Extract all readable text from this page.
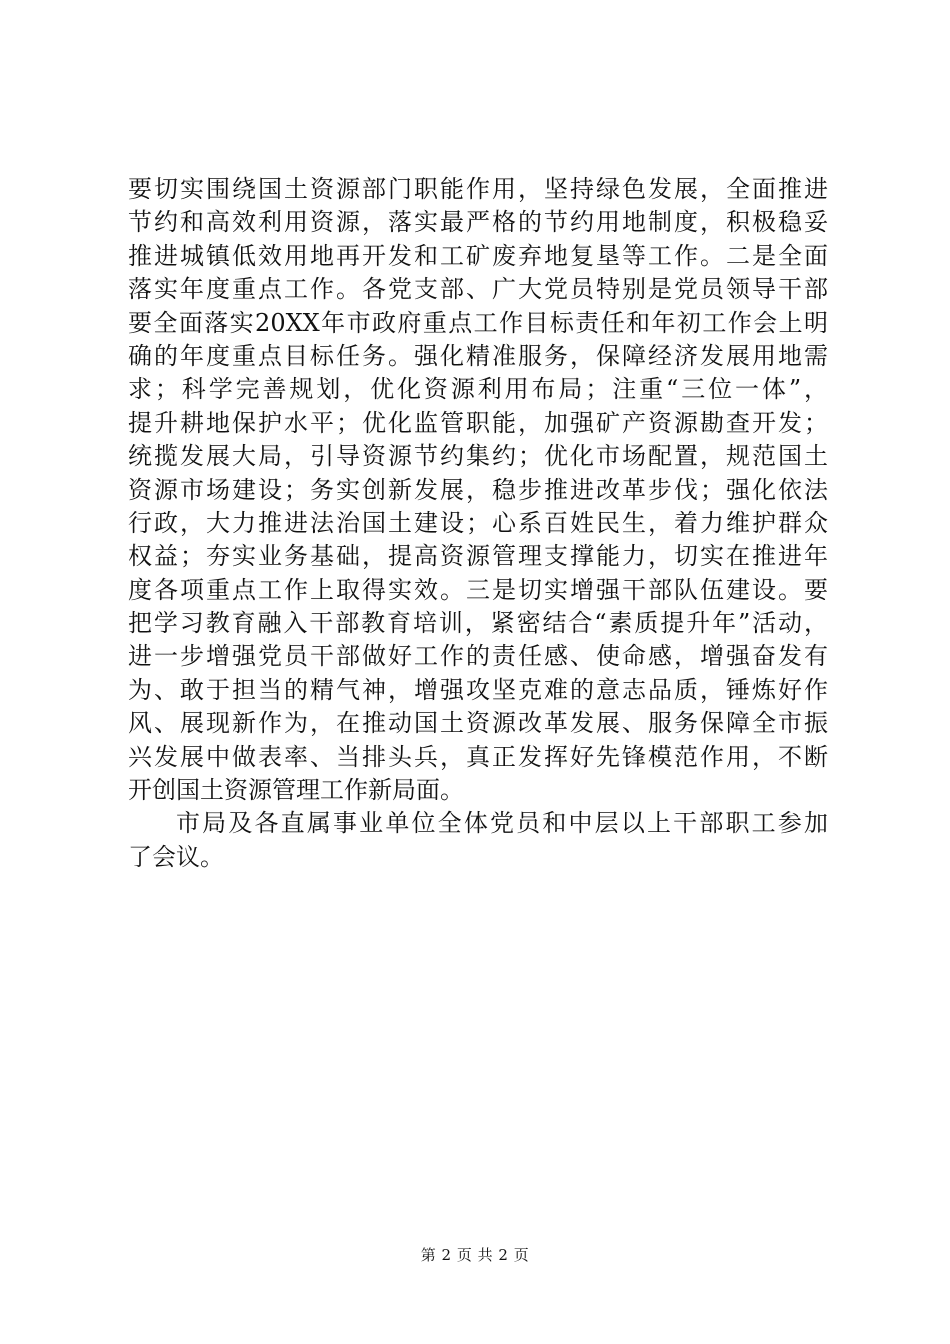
要切实围绕国土资源部门职能作用，坚持绿色发展，全面推进
节约和高效利用资源，落实最严格的节约用地制度，积极稳妥
推进城镇低效用地再开发和工矿废弃地复垦等工作。二是全面
落实年度重点工作。各党支部、广大党员特别是党员领导干部
要全面落实20XX年市政府重点工作目标责任和年初工作会上明
确的年度重点目标任务。强化精准服务，保障经济发展用地需
求；科学完善规划，优化资源利用布局；注重“三位一体”，
提升耕地保护水平；优化监管职能，加强矿产资源勘查开发；
统揽发展大局，引导资源节约集约；优化市场配置，规范国土
资源市场建设；务实创新发展，稳步推进改革步伐；强化依法
行政，大力推进法治国土建设；心系百姓民生，着力维护群众
权益；夯实业务基础，提高资源管理支撑能力，切实在推进年
度各项重点工作上取得实效。三是切实增强干部队伍建设。要
把学习教育融入干部教育培训，紧密结合“素质提升年”活动，
进一步增强党员干部做好工作的责任感、使命感，增强奋发有
为、敢于担当的精气神，增强攻坚克难的意志品质，锤炼好作
风、展现新作为，在推动国土资源改革发展、服务保障全市振
兴发展中做表率、当排头兵，真正发挥好先锋模范作用，不断
开创国土资源管理工作新局面。
市局及各直属事业单位全体党员和中层以上干部职工参加
了会议。
第 2 页 共 2 页
